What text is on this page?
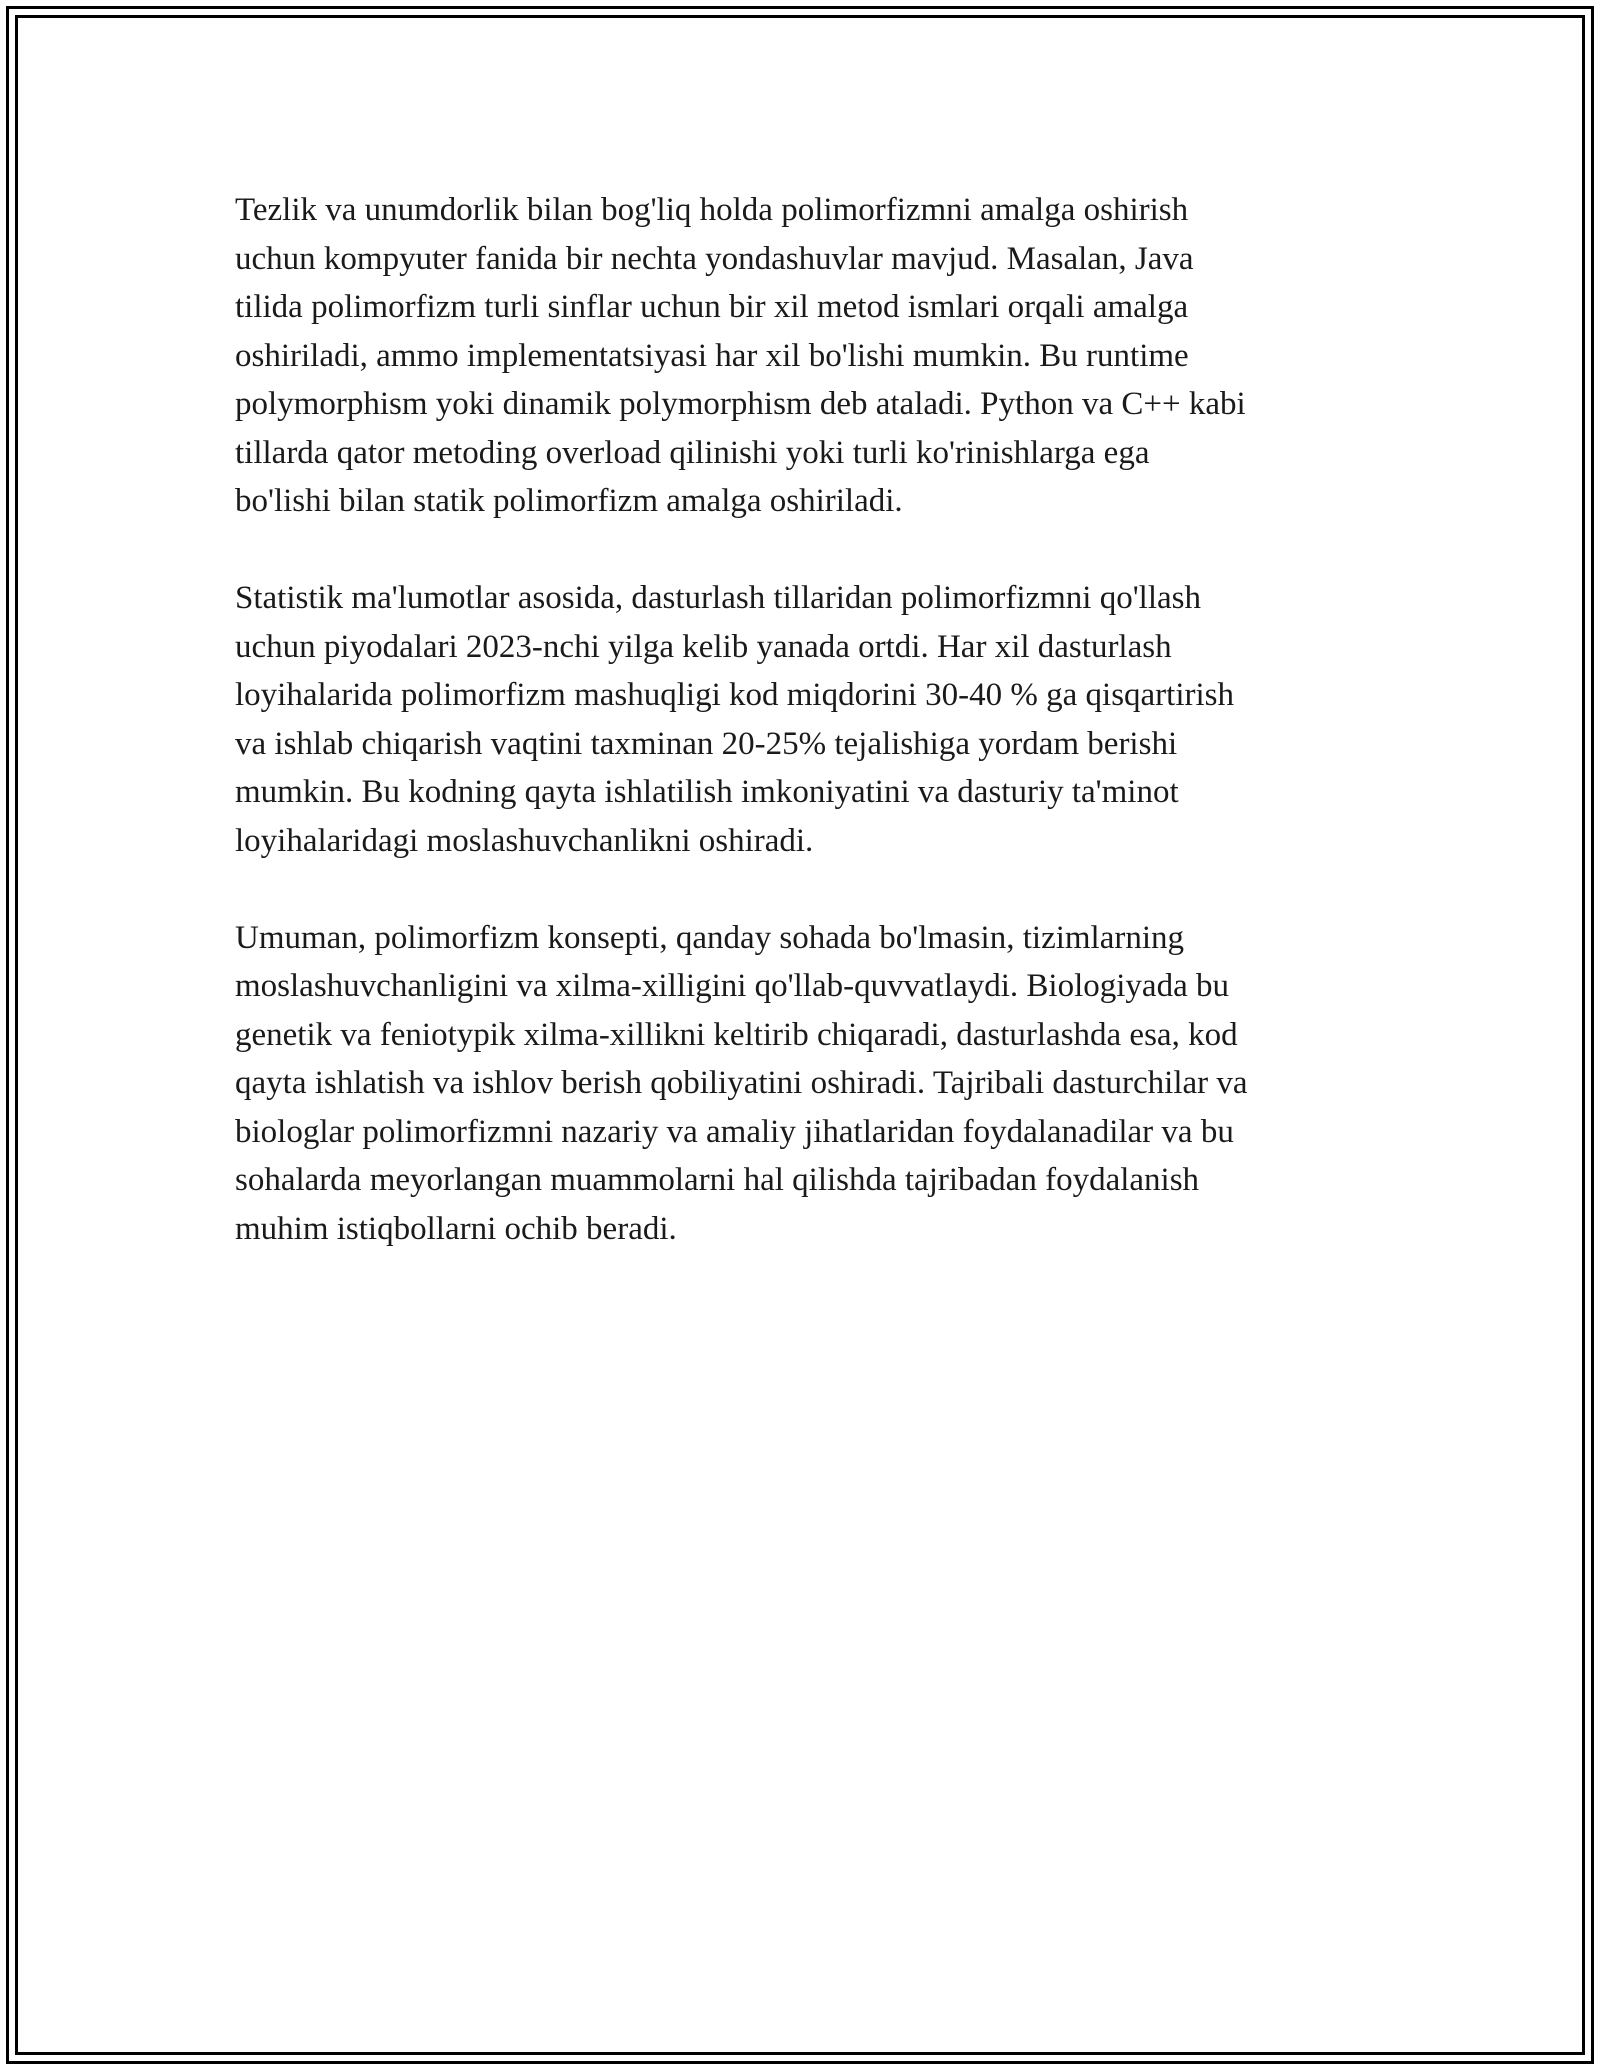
Tezlik va unumdorlik bilan bog'liq holda polimorfizmni amalga oshirish
uchun kompyuter fanida bir nechta yondashuvlar mavjud. Masalan, Java
tilida polimorfizm turli sinflar uchun bir xil metod ismlari orqali amalga
oshiriladi, ammo implementatsiyasi har xil bo'lishi mumkin. Bu runtime
polymorphism yoki dinamik polymorphism deb ataladi. Python va C++ kabi
tillarda qator metoding overload qilinishi yoki turli ko'rinishlarga ega
bo'lishi bilan statik polimorfizm amalga oshiriladi.

Statistik ma'lumotlar asosida, dasturlash tillaridan polimorfizmni qo'llash
uchun piyodalari 2023-nchi yilga kelib yanada ortdi. Har xil dasturlash
loyihalarida polimorfizm mashuqligi kod miqdorini 30-40 % ga qisqartirish
va ishlab chiqarish vaqtini taxminan 20-25% tejalishiga yordam berishi
mumkin. Bu kodning qayta ishlatilish imkoniyatini va dasturiy ta'minot
loyihalaridagi moslashuvchanlikni oshiradi.

Umuman, polimorfizm konsepti, qanday sohada bo'lmasin, tizimlarning
moslashuvchanligini va xilma-xilligini qo'llab-quvvatlaydi. Biologiyada bu
genetik va feniotypik xilma-xillikni keltirib chiqaradi, dasturlashda esa, kod
qayta ishlatish va ishlov berish qobiliyatini oshiradi. Tajribali dasturchilar va
biologlar polimorfizmni nazariy va amaliy jihatlaridan foydalanadilar va bu
sohalarda meyorlangan muammolarni hal qilishda tajribadan foydalanish
muhim istiqbollarni ochib beradi.
